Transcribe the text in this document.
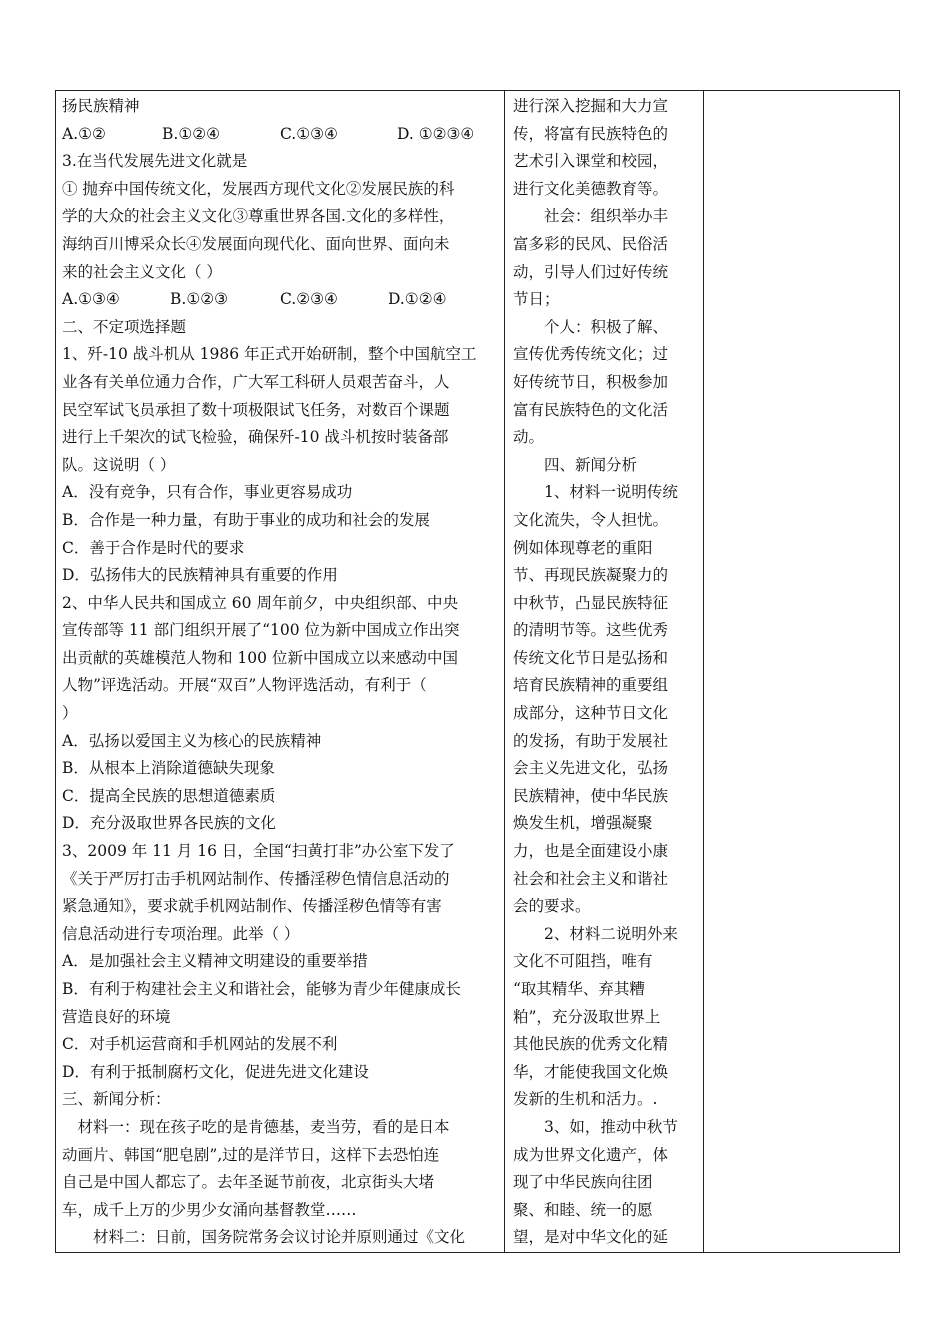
扬民族精神
A.①②	B.①②④	C.①③④	D. ①②③④
3.在当代发展先进文化就是
① 抛弃中国传统文化，发展西方现代文化②发展民族的科
学的大众的社会主义文化③尊重世界各国.文化的多样性，
海纳百川博采众长④发展面向现代化、面向世界、面向未
来的社会主义文化（ ）
A.①③④	B.①②③	C.②③④	D.①②④
二、不定项选择题
1、歼-10 战斗机从 1986 年正式开始研制，整个中国航空工
业各有关单位通力合作，广大军工科研人员艰苦奋斗，人
民空军试飞员承担了数十项极限试飞任务，对数百个课题
进行上千架次的试飞检验，确保歼-10 战斗机按时装备部
队。这说明（ ）
A．没有竞争，只有合作，事业更容易成功
B．合作是一种力量，有助于事业的成功和社会的发展
C．善于合作是时代的要求
D．弘扬伟大的民族精神具有重要的作用
2、中华人民共和国成立 60 周年前夕，中央组织部、中央
宣传部等 11 部门组织开展了“100 位为新中国成立作出突
出贡献的英雄模范人物和 100 位新中国成立以来感动中国
人物”评选活动。开展“双百”人物评选活动，有利于（
）
A．弘扬以爱国主义为核心的民族精神
B．从根本上消除道德缺失现象
C．提高全民族的思想道德素质
D．充分汲取世界各民族的文化
3、2009 年 11 月 16 日，全国“扫黄打非”办公室下发了
《关于严厉打击手机网站制作、传播淫秽色情信息活动的
紧急通知》，要求就手机网站制作、传播淫秽色情等有害
信息活动进行专项治理。此举（ ）
A．是加强社会主义精神文明建设的重要举措
B．有利于构建社会主义和谐社会，能够为青少年健康成长
营造良好的环境
C．对手机运营商和手机网站的发展不利
D．有利于抵制腐朽文化，促进先进文化建设
三、新闻分析：
材料一：现在孩子吃的是肯德基，麦当劳，看的是日本
动画片、韩国“肥皂剧”,过的是洋节日，这样下去恐怕连
自己是中国人都忘了。去年圣诞节前夜，北京街头大堵
车，成千上万的少男少女涌向基督教堂……
材料二：日前，国务院常务会议讨论并原则通过《文化

进行深入挖掘和大力宣
传，将富有民族特色的
艺术引入课堂和校园，
进行文化美德教育等。
社会：组织举办丰
富多彩的民风、民俗活
动，引导人们过好传统
节日；
个人：积极了解、
宣传优秀传统文化；过
好传统节日，积极参加
富有民族特色的文化活
动。
四、新闻分析
1、材料一说明传统
文化流失，令人担忧。
例如体现尊老的重阳
节、再现民族凝聚力的
中秋节，凸显民族特征
的清明节等。这些优秀
传统文化节日是弘扬和
培育民族精神的重要组
成部分，这种节日文化
的发扬，有助于发展社
会主义先进文化，弘扬
民族精神，使中华民族
焕发生机，增强凝聚
力，也是全面建设小康
社会和社会主义和谐社
会的要求。
2、材料二说明外来
文化不可阻挡，唯有
“取其精华、弃其糟
粕”，充分汲取世界上
其他民族的优秀文化精
华，才能使我国文化焕
发新的生机和活力。.
3、如，推动中秋节
成为世界文化遗产，体
现了中华民族向往团
聚、和睦、统一的愿
望，是对中华文化的延
